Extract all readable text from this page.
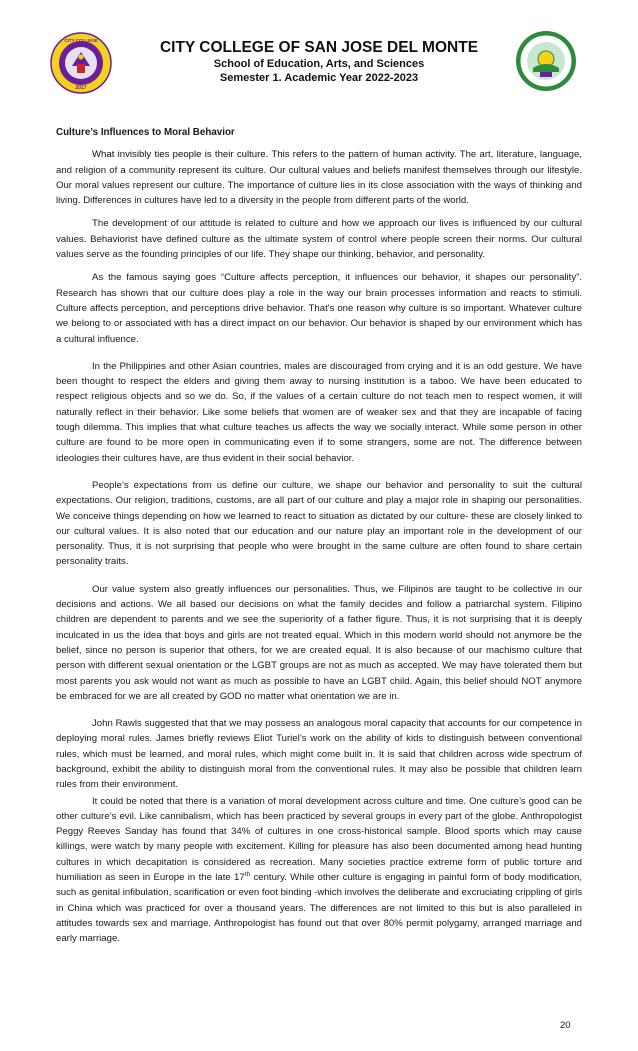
CITY COLLEGE
2017
CITY COLLEGE OF SAN JOSE DEL MONTE
School of Education, Arts, and Sciences
Semester 1. Academic Year 2022-2023
Culture’s Influences to Moral Behavior

What invisibly ties people is their culture. This refers to the pattern of human activity. The art, literature, language, and religion of a community represent its culture. Our cultural values and beliefs manifest themselves through our lifestyle. Our moral values represent our culture. The importance of culture lies in its close association with the ways of thinking and living. Differences in cultures have led to a diversity in the people from different parts of the world.

The development of our attitude is related to culture and how we approach our lives is influenced by our cultural values. Behaviorist have defined culture as the ultimate system of control where people screen their norms. Our cultural values serve as the founding principles of our life. They shape our thinking, behavior, and personality.

As the famous saying goes “Culture affects perception, it influences our behavior, it shapes our personality”. Research has shown that our culture does play a role in the way our brain processes information and reacts to stimuli. Culture affects perception, and perceptions drive behavior. That's one reason why culture is so important. Whatever culture we belong to or associated with has a direct impact on our behavior. Our behavior is shaped by our environment which has a cultural influence.

In the Philippines and other Asian countries, males are discouraged from crying and it is an odd gesture. We have been thought to respect the elders and giving them away to nursing institution is a taboo. We have been educated to respect religious objects and so we do. So, if the values of a certain culture do not teach men to respect women, it will naturally reflect in their behavior. Like some beliefs that women are of weaker sex and that they are incapable of facing tough dilemma. This implies that what culture teaches us affects the way we socially interact. While some person in other culture are found to be more open in communicating even if to some strangers, some are not. The difference between ideologies their cultures have, are thus evident in their social behavior.

People’s expectations from us define our culture, we shape our behavior and personality to suit the cultural expectations. Our religion, traditions, customs, are all part of our culture and play a major role in shaping our personalities. We conceive things depending on how we learned to react to situation as dictated by our culture- these are closely linked to our cultural values. It is also noted that our education and our nature play an important role in the development of our personality. Thus, it is not surprising that people who were brought in the same culture are often found to share certain personality traits.

Our value system also greatly influences our personalities. Thus, we Filipinos are taught to be collective in our decisions and actions. We all based our decisions on what the family decides and follow a patriarchal system. Filipino children are dependent to parents and we see the superiority of a father figure. Thus, it is not surprising that it is deeply inculcated in us the idea that boys and girls are not treated equal. Which in this modern world should not anymore be the belief, since no person is superior that others, for we are created equal. It is also because of our machismo culture that person with different sexual orientation or the LGBT groups are not as much as accepted. We may have tolerated them but most parents you ask would not want as much as possible to have an LGBT child. Again, this belief should NOT anymore be embraced for we are all created by GOD no matter what orientation we are in.

John Rawls suggested that that we may possess an analogous moral capacity that accounts for our competence in deploying moral rules. James briefly reviews Eliot Turiel’s work on the ability of kids to distinguish between conventional rules, which must be learned, and moral rules, which might come built in. It is said that children across wide spectrum of background, exhibit the ability to distinguish moral from the conventional rules. It may also be possible that children learn rules from their environment.

It could be noted that there is a variation of moral development across culture and time. One culture’s good can be other culture’s evil. Like cannibalism, which has been practiced by several groups in every part of the globe. Anthropologist Peggy Reeves Sanday has found that 34% of cultures in one cross-historical sample. Blood sports which may cause killings, were watch by many people with excitement. Killing for pleasure has also been documented among head hunting cultures in which decapitation is considered as recreation. Many societies practice extreme form of public torture and humiliation as seen in Europe in the late 17th century. While other culture is engaging in painful form of body modification, such as genital infibulation, scarification or even foot binding -which involves the deliberate and excruciating crippling of girls in China which was practiced for over a thousand years. The differences are not limited to this but is also paralleled in attitudes towards sex and marriage. Anthropologist has found out that over 80% permit polygamy, arranged marriage and early marriage.

20
